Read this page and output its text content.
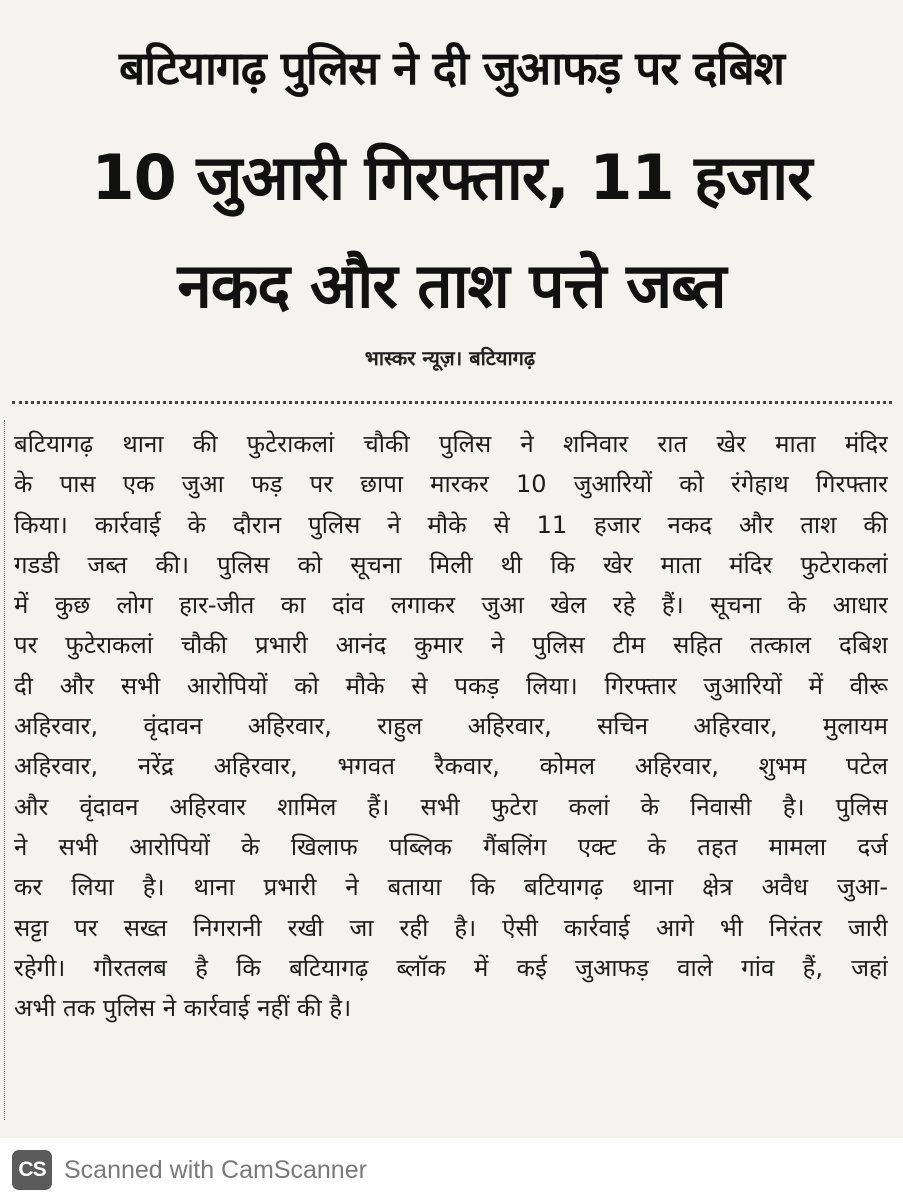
बटियागढ़ पुलिस ने दी जुआफड़ पर दबिश
10 जुआरी गिरफ्तार, 11 हजार
नकद और ताश पत्ते जब्त
भास्कर न्यूज़। बटियागढ़
बटियागढ़ थाना की फुटेराकलां चौकी पुलिस ने शनिवार रात खेर माता मंदिर
के पास एक जुआ फड़ पर छापा मारकर 10 जुआरियों को रंगेहाथ गिरफ्तार
किया। कार्रवाई के दौरान पुलिस ने मौके से 11 हजार नकद और ताश की
गडडी जब्त की। पुलिस को सूचना मिली थी कि खेर माता मंदिर फुटेराकलां
में कुछ लोग हार-जीत का दांव लगाकर जुआ खेल रहे हैं। सूचना के आधार
पर फुटेराकलां चौकी प्रभारी आनंद कुमार ने पुलिस टीम सहित तत्काल दबिश
दी और सभी आरोपियों को मौके से पकड़ लिया। गिरफ्तार जुआरियों में वीरू
अहिरवार, वृंदावन अहिरवार, राहुल अहिरवार, सचिन अहिरवार, मुलायम
अहिरवार, नरेंद्र अहिरवार, भगवत रैकवार, कोमल अहिरवार, शुभम पटेल
और वृंदावन अहिरवार शामिल हैं। सभी फुटेरा कलां के निवासी है। पुलिस
ने सभी आरोपियों के खिलाफ पब्लिक गैंबलिंग एक्ट के तहत मामला दर्ज
कर लिया है। थाना प्रभारी ने बताया कि बटियागढ़ थाना क्षेत्र अवैध जुआ-
सट्टा पर सख्त निगरानी रखी जा रही है। ऐसी कार्रवाई आगे भी निरंतर जारी
रहेगी। गौरतलब है कि बटियागढ़ ब्लॉक में कई जुआफड़ वाले गांव हैं, जहां
अभी तक पुलिस ने कार्रवाई नहीं की है।
CS Scanned with CamScanner
